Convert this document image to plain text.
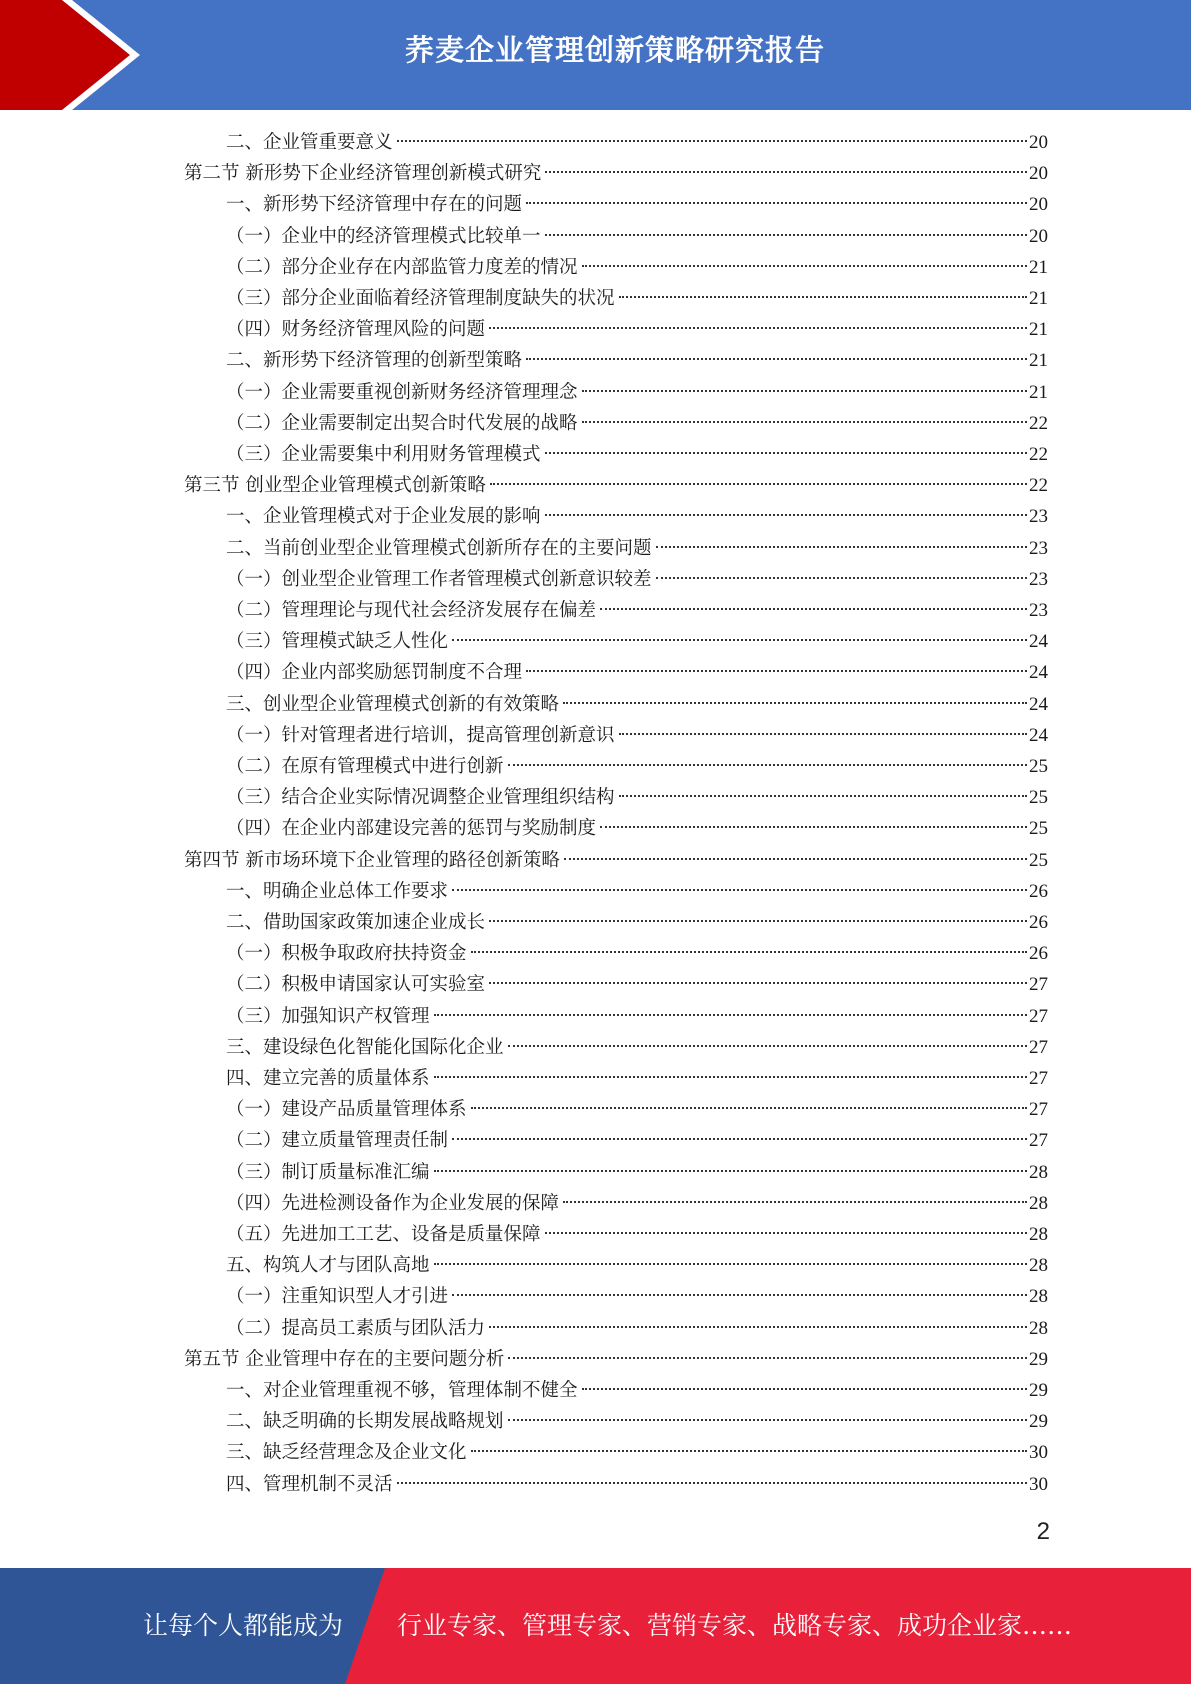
荞麦企业管理创新策略研究报告
二、企业管重要意义	20
第二节 新形势下企业经济管理创新模式研究	20
一、新形势下经济管理中存在的问题	20
（一）企业中的经济管理模式比较单一	20
（二）部分企业存在内部监管力度差的情况	21
（三）部分企业面临着经济管理制度缺失的状况	21
（四）财务经济管理风险的问题	21
二、新形势下经济管理的创新型策略	21
（一）企业需要重视创新财务经济管理理念	21
（二）企业需要制定出契合时代发展的战略	22
（三）企业需要集中利用财务管理模式	22
第三节 创业型企业管理模式创新策略	22
一、企业管理模式对于企业发展的影响	23
二、当前创业型企业管理模式创新所存在的主要问题	23
（一）创业型企业管理工作者管理模式创新意识较差	23
（二）管理理论与现代社会经济发展存在偏差	23
（三）管理模式缺乏人性化	24
（四）企业内部奖励惩罚制度不合理	24
三、创业型企业管理模式创新的有效策略	24
（一）针对管理者进行培训，提高管理创新意识	24
（二）在原有管理模式中进行创新	25
（三）结合企业实际情况调整企业管理组织结构	25
（四）在企业内部建设完善的惩罚与奖励制度	25
第四节 新市场环境下企业管理的路径创新策略	25
一、明确企业总体工作要求	26
二、借助国家政策加速企业成长	26
（一）积极争取政府扶持资金	26
（二）积极申请国家认可实验室	27
（三）加强知识产权管理	27
三、建设绿色化智能化国际化企业	27
四、建立完善的质量体系	27
（一）建设产品质量管理体系	27
（二）建立质量管理责任制	27
（三）制订质量标准汇编	28
（四）先进检测设备作为企业发展的保障	28
（五）先进加工工艺、设备是质量保障	28
五、构筑人才与团队高地	28
（一）注重知识型人才引进	28
（二）提高员工素质与团队活力	28
第五节 企业管理中存在的主要问题分析	29
一、对企业管理重视不够，管理体制不健全	29
二、缺乏明确的长期发展战略规划	29
三、缺乏经营理念及企业文化	30
四、管理机制不灵活	30
2
让每个人都能成为 行业专家、管理专家、营销专家、战略专家、成功企业家……
